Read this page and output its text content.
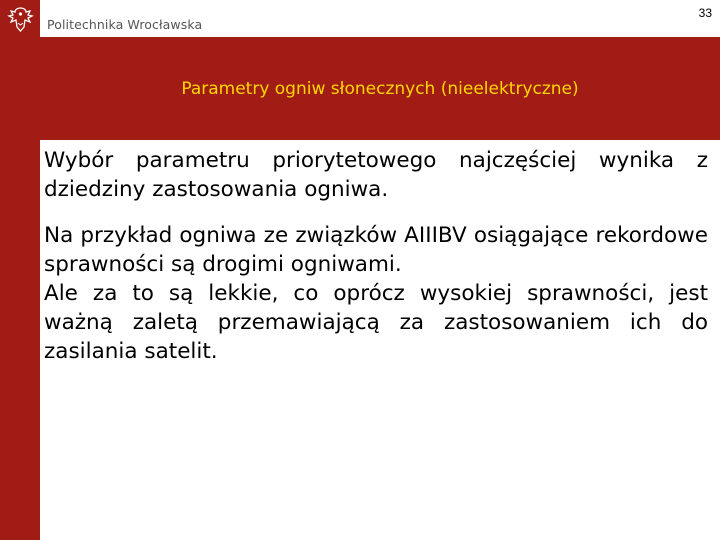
Politechnika Wrocławska
33
Parametry ogniw słonecznych (nieelektryczne)

Wybór parametru priorytetowego najczęściej wynika z dziedziny zastosowania ogniwa.

Na przykład ogniwa ze związków AIIIBV osiągające rekordowe sprawności są drogimi ogniwami.

Ale za to są lekkie, co oprócz wysokiej sprawności, jest ważną zaletą przemawiającą za zastosowaniem ich do zasilania satelit.
